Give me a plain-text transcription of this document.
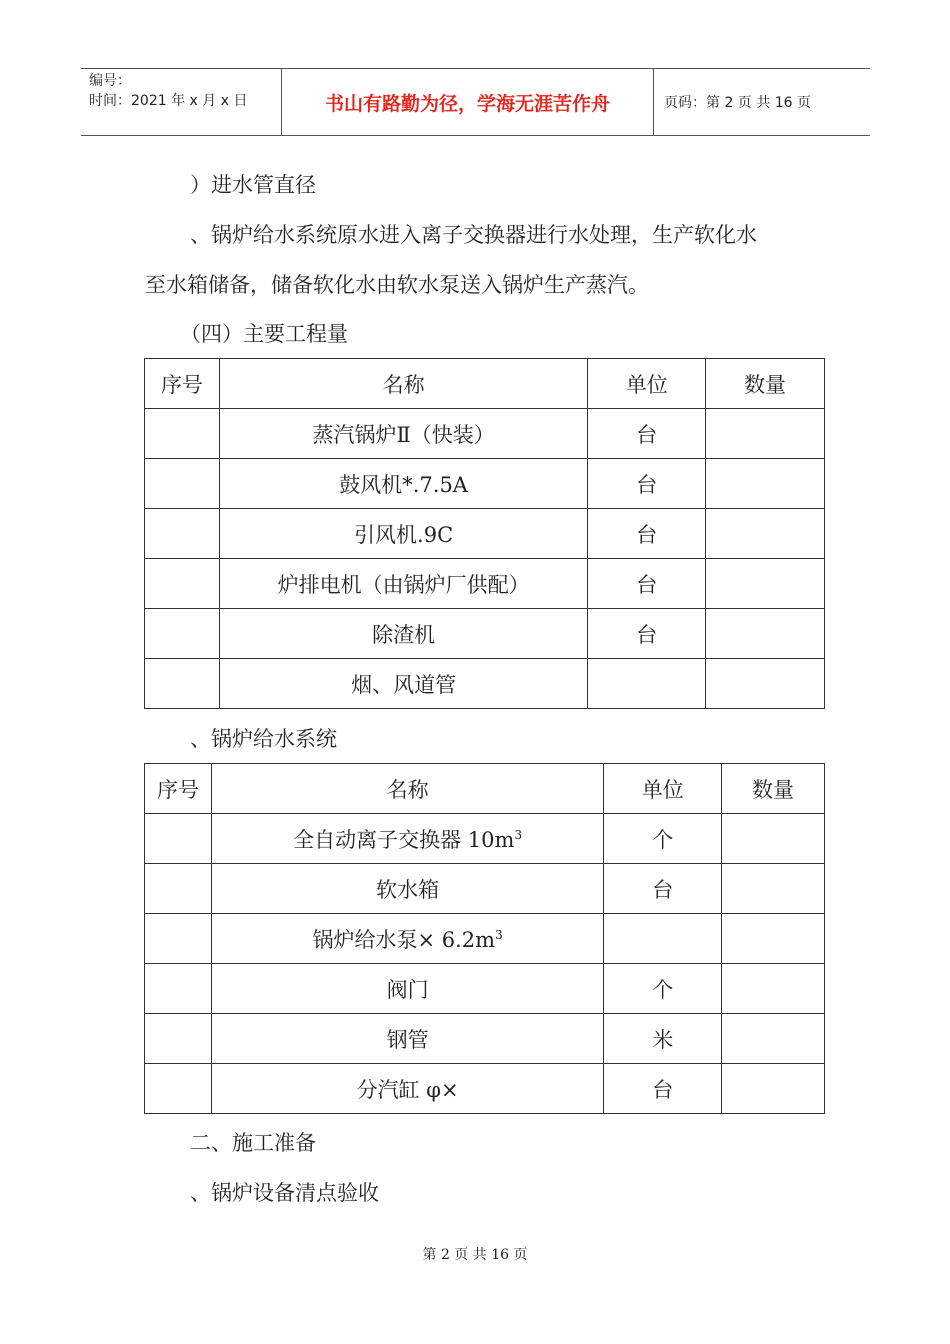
编号：
时间：2021 年 x 月 x 日	书山有路勤为径，学海无涯苦作舟	页码：第 2 页 共 16 页
）进水管直径
、锅炉给水系统原水进入离子交换器进行水处理，生产软化水
至水箱储备，储备软化水由软水泵送入锅炉生产蒸汽。
（四）主要工程量
序号	名称	单位	数量
	蒸汽锅炉Ⅱ（快装）	台	
	鼓风机*.7.5A	台	
	引风机.9C	台	
	炉排电机（由锅炉厂供配）	台	
	除渣机	台	
	烟、风道管		
、锅炉给水系统
序号	名称	单位	数量
	全自动离子交换器 $10m^3$	个	
	软水箱	台	
	锅炉给水泵× $6.2m^3$		
	阀门	个	
	钢管	米	
	分汽缸 φ×	台	
二、施工准备
、锅炉设备清点验收
第 2 页 共 16 页
